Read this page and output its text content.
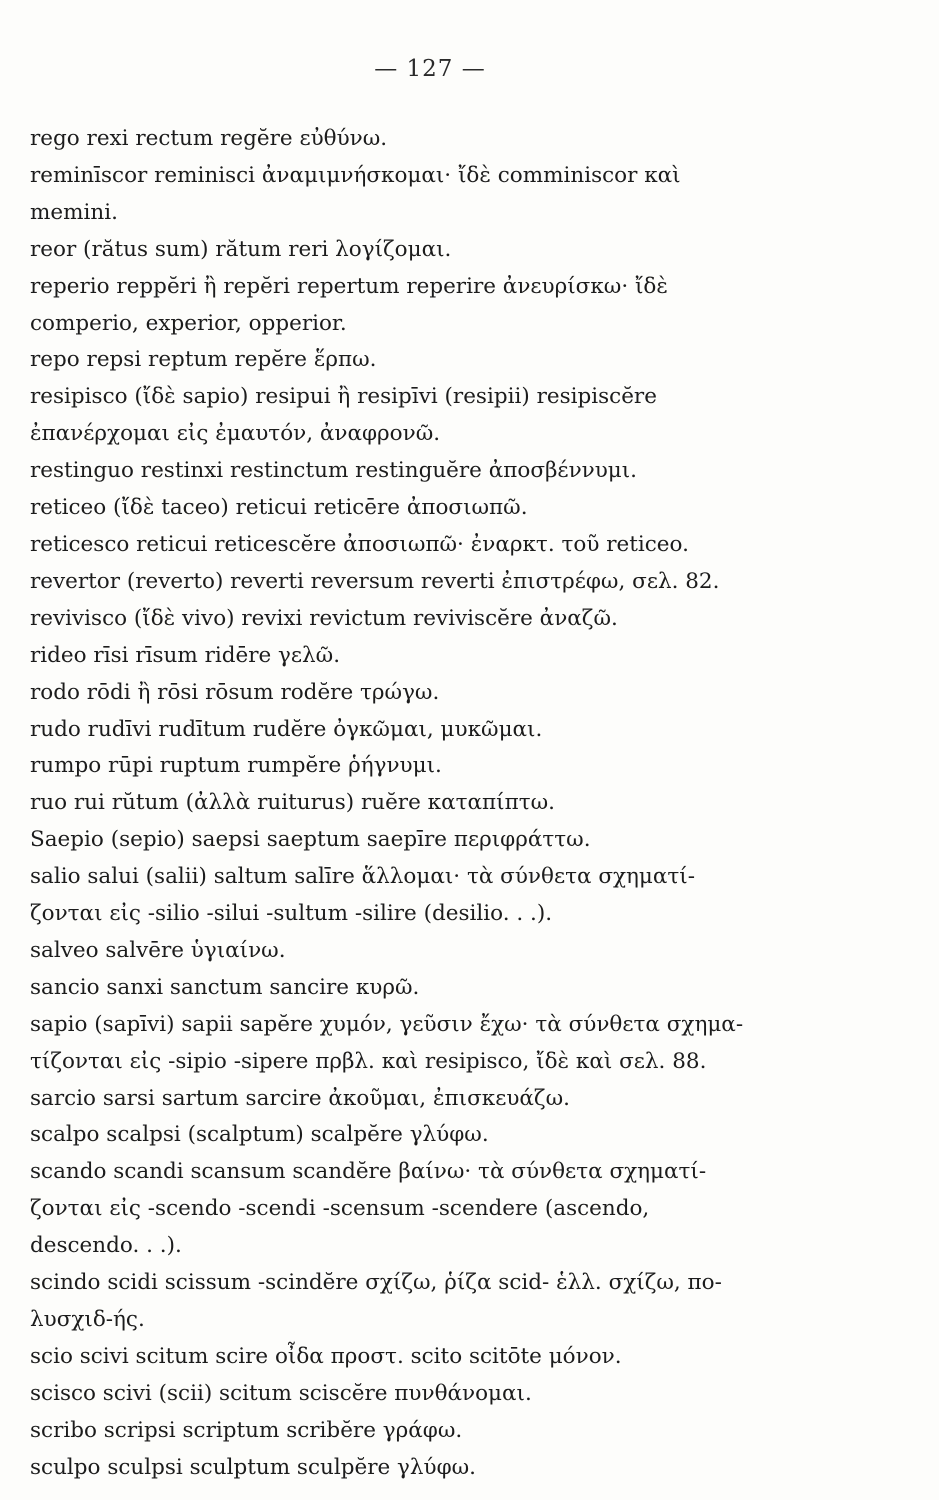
— 127 —
rego rexi rectum regĕre εὐθύνω.
reminīscor reminisci ἀναμιμνήσκομαι· ἴδὲ comminiscor καὶ
memini.
reor (rătus sum) rătum reri λογίζομαι.
reperio reppĕri ἢ repĕri repertum reperire ἀνευρίσκω· ἴδὲ
comperio, experior, opperior.
repo repsi reptum repĕre ἕρπω.
resipisco (ἴδὲ sapio) resipui ἢ resipīvi (resipii) resipiscĕre
ἐπανέρχομαι εἰς ἐμαυτόν, ἀναφρονῶ.
restinguo restinxi restinctum restinguĕre ἀποσβέννυμι.
reticeo (ἴδὲ taceo) reticui reticēre ἀποσιωπῶ.
reticesco reticui reticescĕre ἀποσιωπῶ· ἐναρκτ. τοῦ reticeo.
revertor (reverto) reverti reversum reverti ἐπιστρέφω, σελ. 82.
revivisco (ἴδὲ vivo) revixi revictum reviviscĕre ἀναζῶ.
rideo rīsi rīsum ridēre γελῶ.
rodo rōdi ἢ rōsi rōsum rodĕre τρώγω.
rudo rudīvi rudītum rudĕre ὀγκῶμαι, μυκῶμαι.
rumpo rūpi ruptum rumpĕre ῥήγνυμι.
ruo rui rŭtum (ἀλλὰ ruiturus) ruĕre καταπίπτω.
Saepio (sepio) saepsi saeptum saepīre περιφράττω.
salio salui (salii) saltum salīre ἅλλομαι· τὰ σύνθετα σχηματί-
ζονται εἰς -silio -silui -sultum -silire (desilio. . .).
salveo salvēre ὑγιαίνω.
sancio sanxi sanctum sancire κυρῶ.
sapio (sapīvi) sapii sapĕre χυμόν, γεῦσιν ἔχω· τὰ σύνθετα σχημα-
τίζονται εἰς -sipio -sipere πρβλ. καὶ resipisco, ἴδὲ καὶ σελ. 88.
sarcio sarsi sartum sarcire ἀκοῦμαι, ἐπισκευάζω.
scalpo scalpsi (scalptum) scalpĕre γλύφω.
scando scandi scansum scandĕre βαίνω· τὰ σύνθετα σχηματί-
ζονται εἰς -scendo -scendi -scensum -scendere (ascendo,
descendo. . .).
scindo scidi scissum -scindĕre σχίζω, ῥίζα scid- ἑλλ. σχίζω, πο-
λυσχιδ-ής.
scio scivi scitum scire οἶδα προστ. scito scitōte μόνον.
scisco scivi (scii) scitum sciscĕre πυνθάνομαι.
scribo scripsi scriptum scribĕre γράφω.
sculpo sculpsi sculptum sculpĕre γλύφω.
